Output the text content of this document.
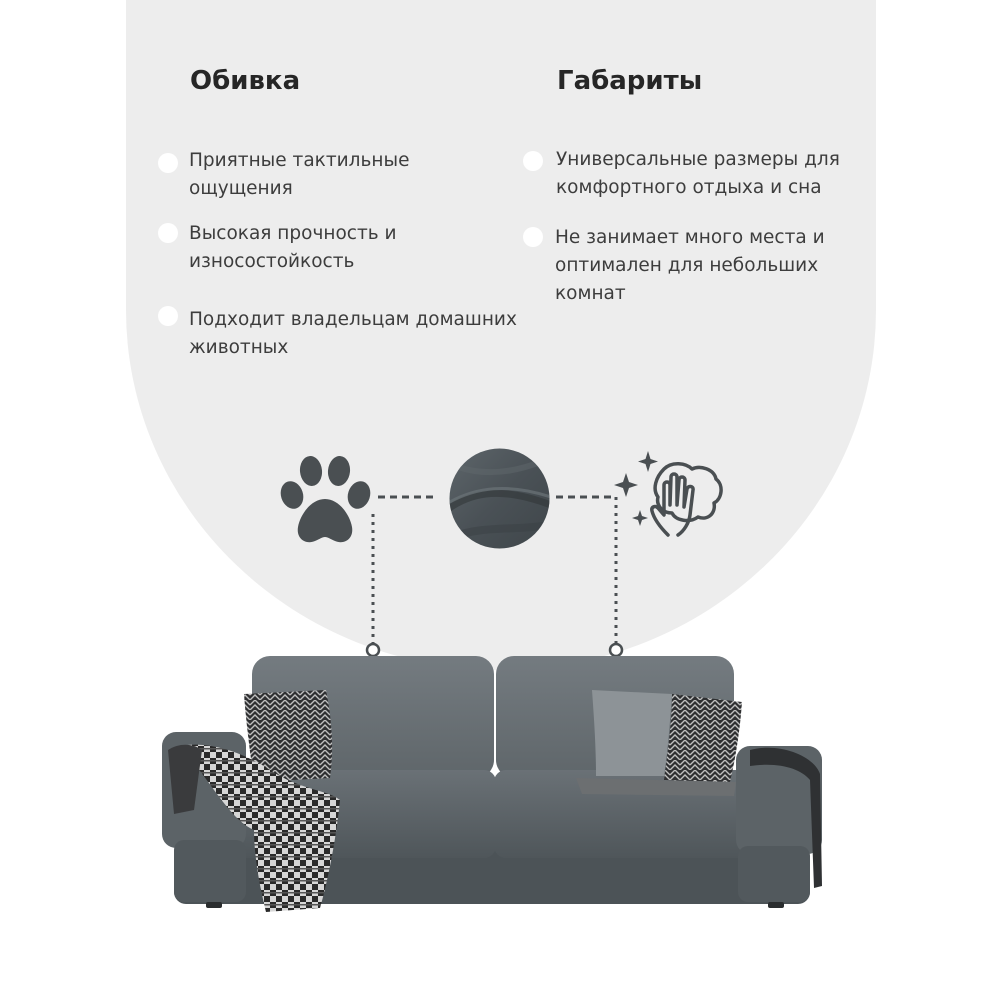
Обивка	Габариты
Приятные тактильные
ощущения
Высокая прочность и
износостойкость
Подходит владельцам домашних
животных
Универсальные размеры для
комфортного отдыха и сна
Не занимает много места и
оптимален для небольших
комнат
